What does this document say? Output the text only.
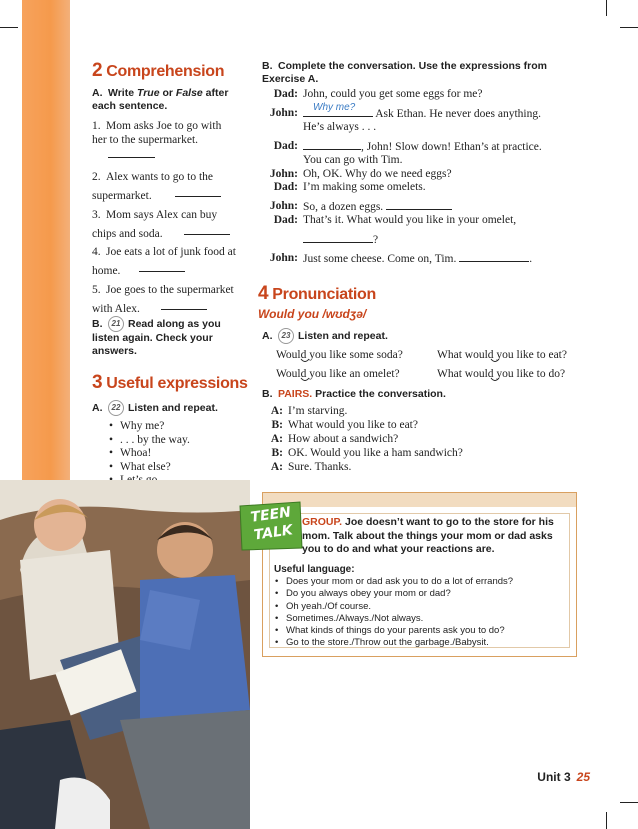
2 Comprehension
A. Write True or False after each sentence.
1. Mom asks Joe to go with her to the supermarket.
2. Alex wants to go to the supermarket.
3. Mom says Alex can buy chips and soda.
4. Joe eats a lot of junk food at home.
5. Joe goes to the supermarket with Alex.
B. 21 Read along as you listen again. Check your answers.
3 Useful expressions
A. 22 Listen and repeat.
• Why me?
• . . . by the way.
• Whoa!
• What else?
•
B. Complete the conversation. Use the expressions from Exercise A.
Dad: John, could you get some eggs for me?
John:	Why me?
Ask Ethan. He never does anything.
He’s always . . .
Dad:	, John! Slow down! Ethan’s at practice.
You can go with Tim.
John: Oh, OK. Why do we need eggs?
Dad: I’m making some omelets.
John: So, a dozen eggs.
Dad: That’s it. What would you like in your omelet,
?
John: Just some cheese. Come on, Tim.	.
4 Pronunciation
Would you /wʊdʒə/
A. 23 Listen and repeat.
Would you like some soda?	What would you like to eat?
Would you like an omelet?	What would you like to do?
B. PAIRS. Practice the conversation.
A: I’m starving.
B: What would you like to eat?
A: How about a sandwich?
B: OK. Would you like a ham sandwich?
A: Sure. Thanks.
TEEN TALK
GROUP. Joe doesn’t want to go to the store for his mom. Talk about the things your mom or dad asks you to do and what your reactions are.
Useful language:
• Does your mom or dad ask you to do a lot of errands?
• Do you always obey your mom or dad?
• Oh yeah./Of course.
• Sometimes./Always./Not always.
• What kinds of things do your parents ask you to do?
• Go to the store./Throw out the garbage./Babysit.
Unit 3 25
